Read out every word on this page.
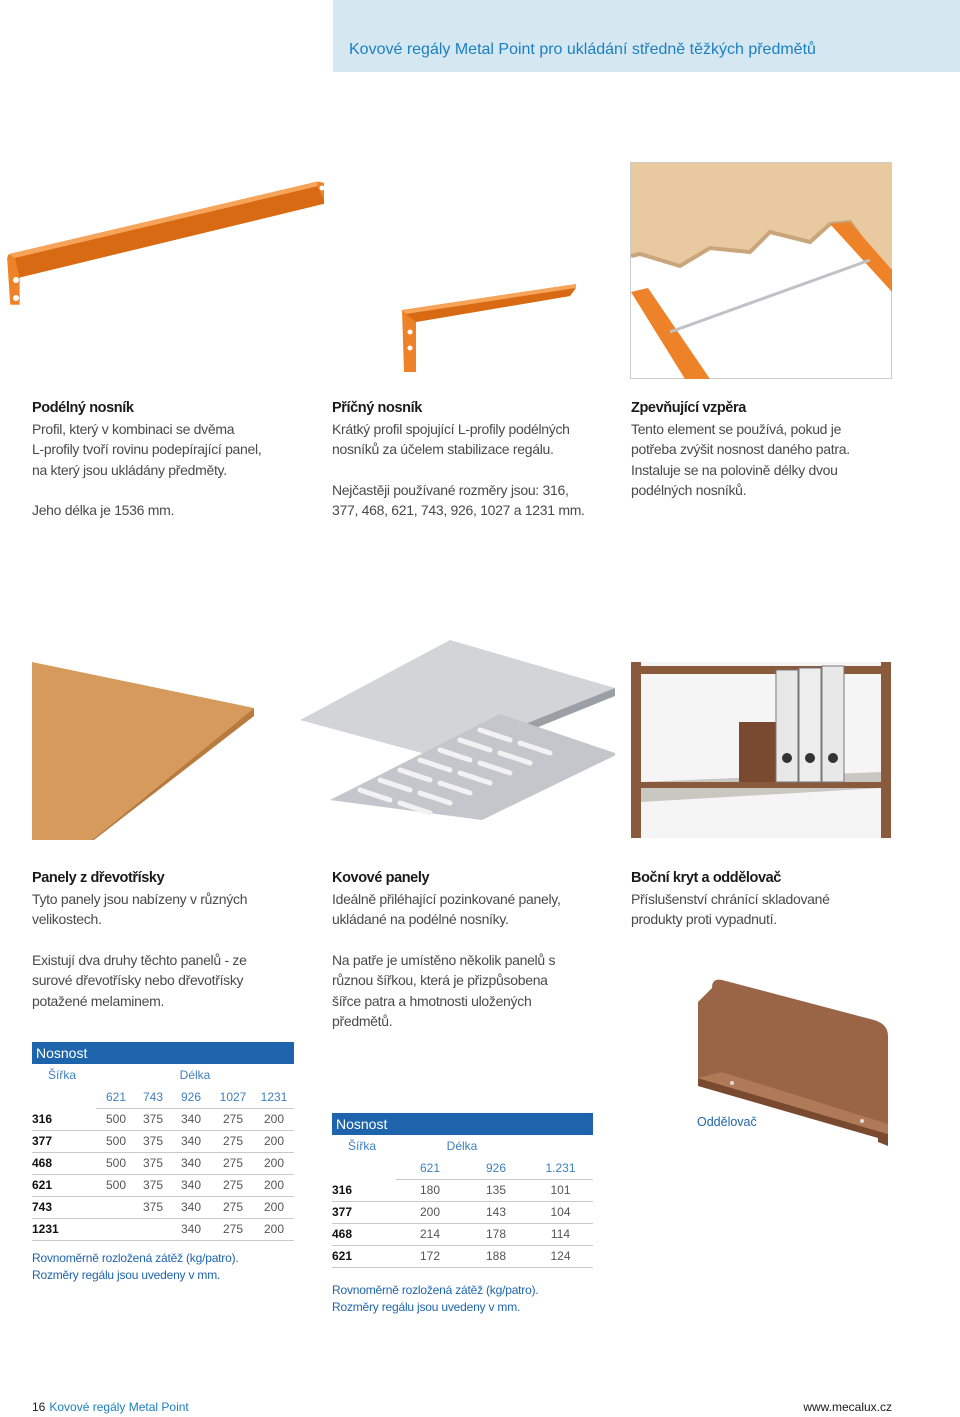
Kovové regály Metal Point pro ukládání středně těžkých předmětů
Podélný nosník

Profil, který v kombinaci se dvěma

L-profily tvoří rovinu podepírající panel,

na který jsou ukládány předměty.

Jeho délka je 1536 mm.

Příčný nosník

Krátký profil spojující L-profily podélných

nosníků za účelem stabilizace regálu.

Nejčastěji používané rozměry jsou: 316,

377, 468, 621, 743, 926, 1027 a 1231 mm.

Zpevňující vzpěra

Tento element se používá, pokud je

potřeba zvýšit nosnost daného patra.

Instaluje se na polovině délky dvou

podélných nosníků.

Panely z dřevotřísky

Tyto panely jsou nabízeny v různých

velikostech.

Existují dva druhy těchto panelů - ze

surové dřevotřísky nebo dřevotřísky

potažené melaminem.

Kovové panely

Ideálně přiléhající pozinkované panely,

ukládané na podélné nosníky.

Na patře je umístěno několik panelů s

různou šířkou, která je přizpůsobena

šířce patra a hmotnosti uložených

předmětů.

Boční kryt a oddělovač

Příslušenství chránící skladované

produkty proti vypadnutí.

Nosnost
Šířka	Délka				
	621	743	926	1027	1231
316	500	375	340	275	200
377	500	375	340	275	200
468	500	375	340	275	200
621	500	375	340	275	200
743		375	340	275	200
1231			340	275	200
Rovnoměrně rozložená zátěž (kg/patro).
Rozměry regálu jsou uvedeny v mm.
Nosnost
Šířka	Délka		
	621	926	1.231
316	180	135	101
377	200	143	104
468	214	178	114
621	172	188	124
Rovnoměrně rozložená zátěž (kg/patro).
Rozměry regálu jsou uvedeny v mm.
Oddělovač
16 Kovové regály Metal Point	www.mecalux.cz
